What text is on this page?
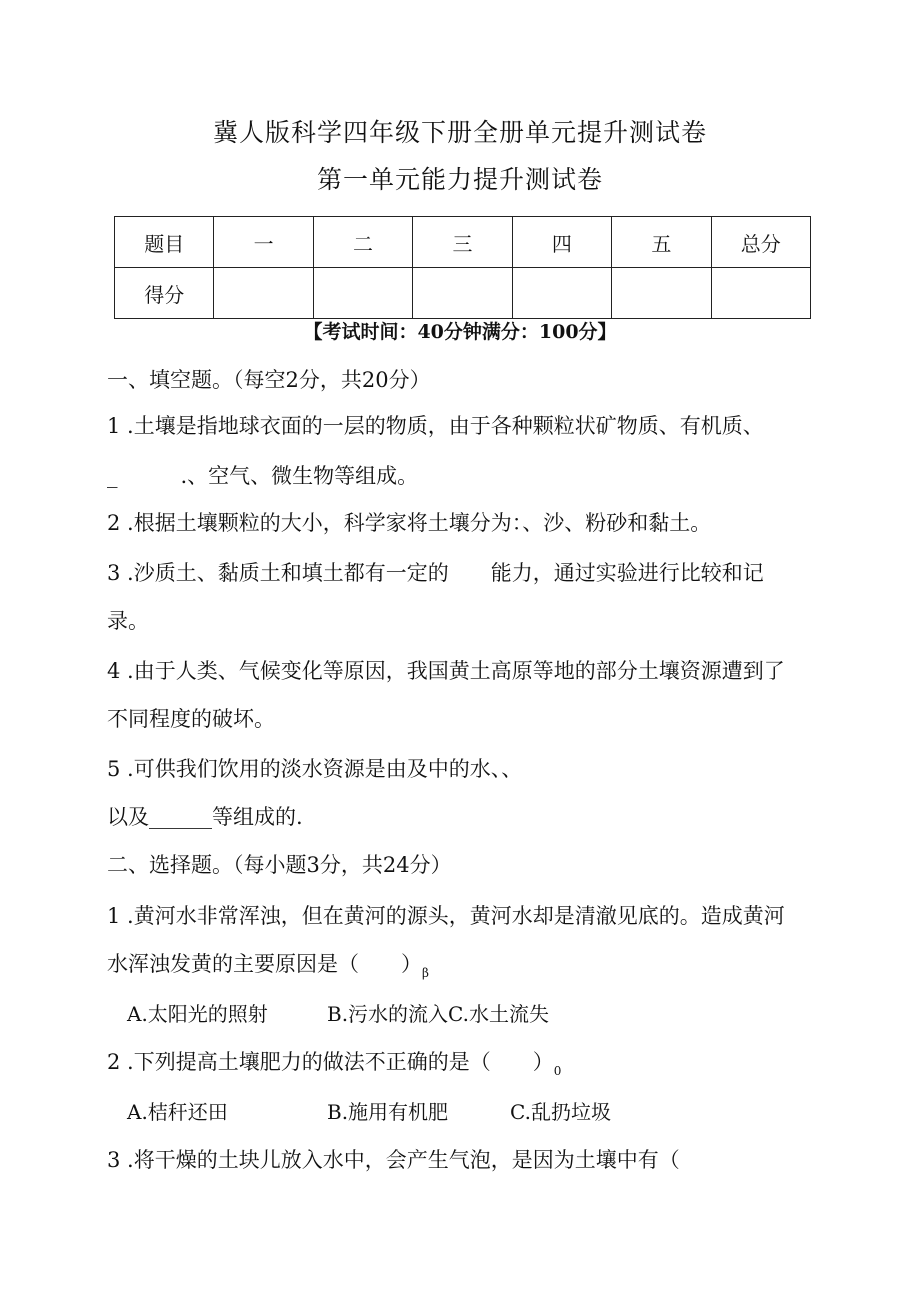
冀人版科学四年级下册全册单元提升测试卷
第一单元能力提升测试卷
题目	一	二	三	四	五	总分
得分						
【考试时间：40分钟满分：100分】
一、填空题。（每空2分，共20分）
1 .土壤是指地球衣面的一层的物质，由于各种颗粒状矿物质、有机质、
_　　　.、空气、微生物等组成。
2 .根据土壤颗粒的大小，科学家将土壤分为：、沙、粉砂和黏土。
3 .沙质土、黏质土和填土都有一定的　　能力，通过实验进行比较和记
录。
4 .由于人类、气候变化等原因，我国黄土高原等地的部分土壤资源遭到了
不同程度的破坏。
5 .可供我们饮用的淡水资源是由及中的水、、
以及______等组成的.
二、选择题。（每小题3分，共24分）
1 .黄河水非常浑浊，但在黄河的源头，黄河水却是清澈见底的。造成黄河
水浑浊发黄的主要原因是（　　）$_\beta$
A.太阳光的照射	B.污水的流入C.水土流失
2 .下列提高土壤肥力的做法不正确的是（　　）$_0$
A.桔秆还田	B.施用有机肥	C.乱扔垃圾
3 .将干燥的土块儿放入水中，会产生气泡，是因为土壤中有（
